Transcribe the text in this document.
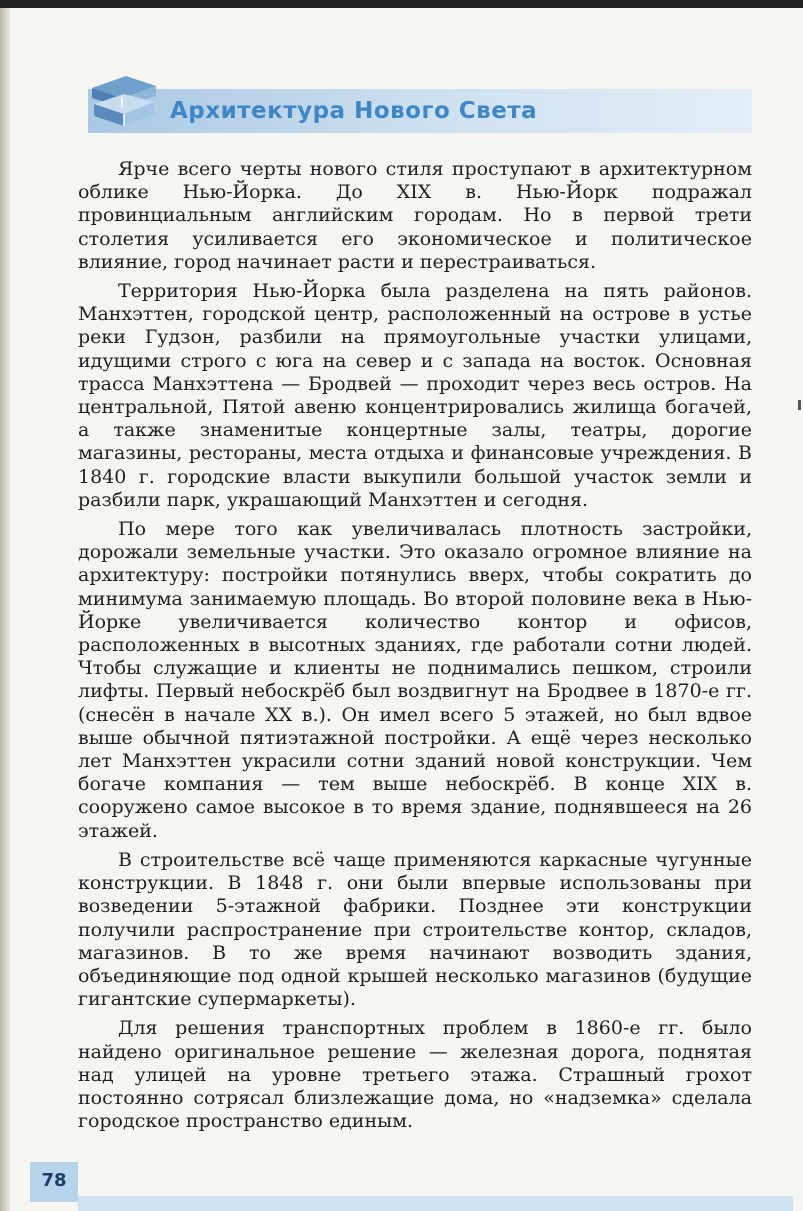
Архитектура Нового Света

Ярче всего черты нового стиля проступают в архитектурном облике Нью-Йорка. До XIX в. Нью-Йорк подражал провинциальным английским городам. Но в первой трети столетия усиливается его экономическое и политическое влияние, город начинает расти и перестраиваться.

Территория Нью-Йорка была разделена на пять районов. Манхэттен, городской центр, расположенный на острове в устье реки Гудзон, разбили на прямоугольные участки улицами, идущими строго с юга на север и с запада на восток. Основная трасса Манхэттена — Бродвей — проходит через весь остров. На центральной, Пятой авеню концентрировались жилища богачей, а также знаменитые концертные залы, театры, дорогие магазины, рестораны, места отдыха и финансовые учреждения. В 1840 г. городские власти выкупили большой участок земли и разбили парк, украшающий Манхэттен и сегодня.

По мере того как увеличивалась плотность застройки, дорожали земельные участки. Это оказало огромное влияние на архитектуру: постройки потянулись вверх, чтобы сократить до минимума занимаемую площадь. Во второй половине века в Нью-Йорке увеличивается количество контор и офисов, расположенных в высотных зданиях, где работали сотни людей. Чтобы служащие и клиенты не поднимались пешком, строили лифты. Первый небоскрёб был воздвигнут на Бродвее в 1870-е гг. (снесён в начале XX в.). Он имел всего 5 этажей, но был вдвое выше обычной пятиэтажной постройки. А ещё через несколько лет Манхэттен украсили сотни зданий новой конструкции. Чем богаче компания — тем выше небоскрёб. В конце XIX в. сооружено самое высокое в то время здание, поднявшееся на 26 этажей.

В строительстве всё чаще применяются каркасные чугунные конструкции. В 1848 г. они были впервые использованы при возведении 5-этажной фабрики. Позднее эти конструкции получили распространение при строительстве контор, складов, магазинов. В то же время начинают возводить здания, объединяющие под одной крышей несколько магазинов (будущие гигантские супермаркеты).

Для решения транспортных проблем в 1860-е гг. было найдено оригинальное решение — железная дорога, поднятая над улицей на уровне третьего этажа. Страшный грохот постоянно сотрясал близлежащие дома, но «надземка» сделала городское пространство единым.

78
